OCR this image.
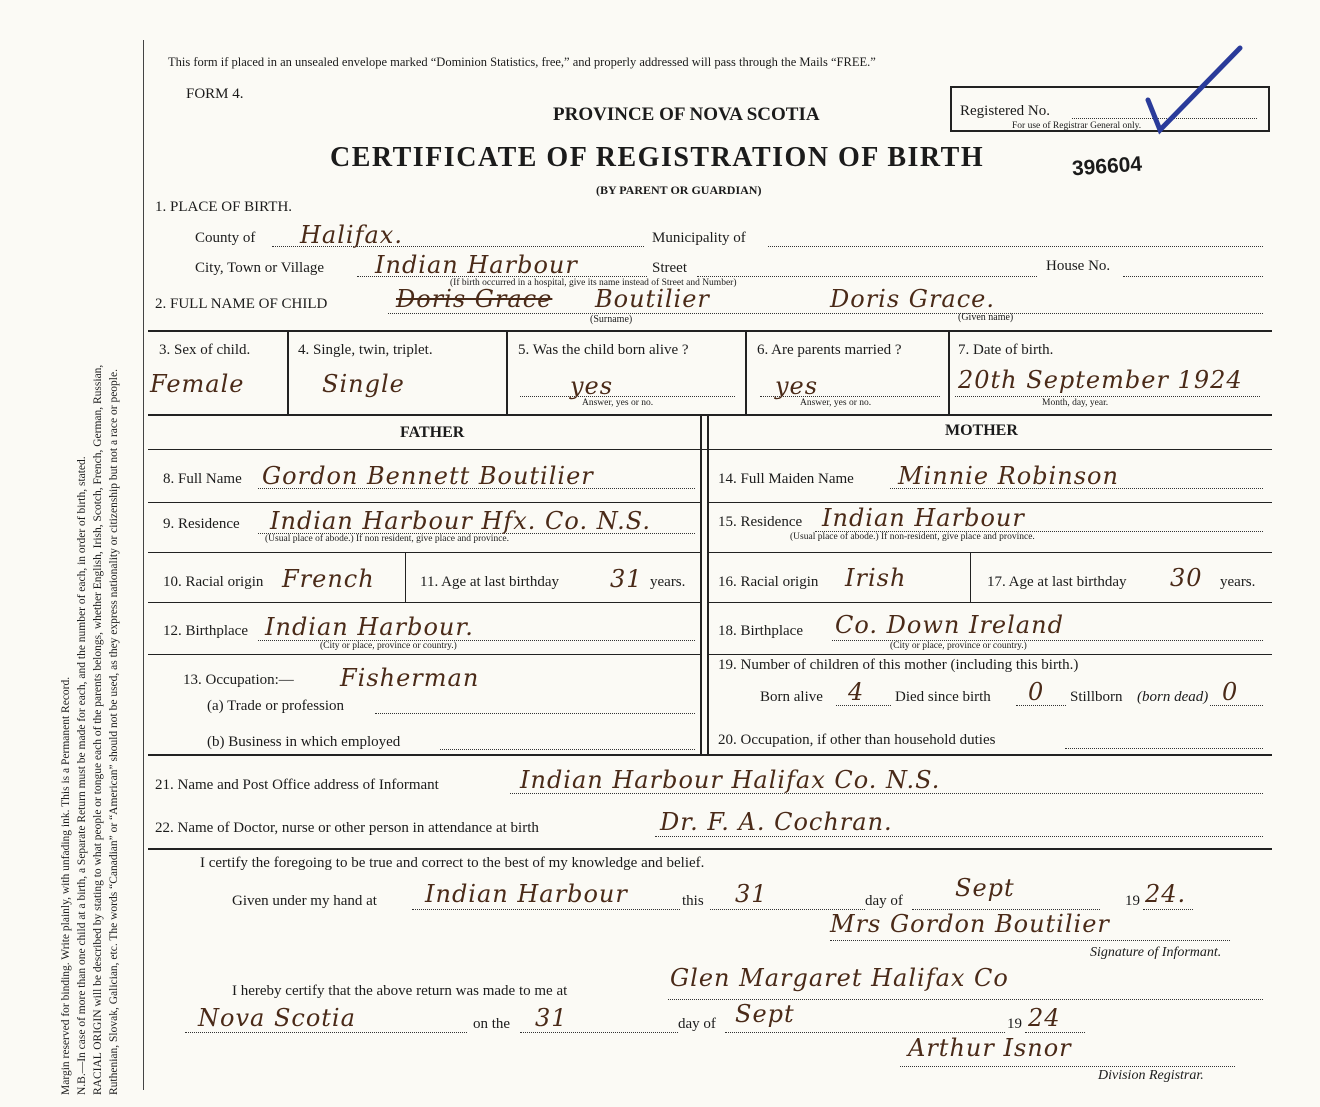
Margin reserved for binding. Write plainly, with unfading ink. This is a Permanent Record. N.B.—In case of more than one child at a birth, a Separate Return must be made for each, and the number of each, in order of birth, stated. RACIAL ORIGIN will be described by stating to what people or tongue each of the parents belongs, whether English, Irish, Scotch, French, German, Russian, Ruthenian, Slovak, Galician, etc. The words “Canadian” or “American” should not be used, as they express nationality or citizenship but not a race or people.
This form if placed in an unsealed envelope marked “Dominion Statistics, free,” and properly addressed will pass through the Mails “FREE.”
FORM 4.
PROVINCE OF NOVA SCOTIA
CERTIFICATE OF REGISTRATION OF BIRTH
(BY PARENT OR GUARDIAN)
Registered No.
For use of Registrar General only.
396604
1. PLACE OF BIRTH.
County of Halifax.	Municipality of
City, Town or Village Indian Harbour	Street	House No.
(If birth occurred in a hospital, give its name instead of Street and Number)
2. FULL NAME OF CHILD	Doris Grace Boutilier	Doris Grace.
(Surname)	(Given name)
3. Sex of child.
Female
4. Single, twin, triplet.
Single
5. Was the child born alive ?
yes
Answer, yes or no.
6. Are parents married ?
yes
Answer, yes or no.
7. Date of birth.
20th September 1924
Month, day, year.
FATHER	MOTHER
8. Full Name Gordon Bennett Boutilier
9. Residence Indian Harbour Hfx. Co. N.S.
(Usual place of abode.) If non resident, give place and province.
10. Racial origin French	11. Age at last birthday 31 years.
12. Birthplace Indian Harbour.
(City or place, province or country.)
13. Occupation:— Fisherman
(a) Trade or profession
(b) Business in which employed
14. Full Maiden Name Minnie Robinson
15. Residence Indian Harbour
(Usual place of abode.) If non-resident, give place and province.
16. Racial origin Irish	17. Age at last birthday 30 years.
18. Birthplace Co. Down Ireland
(City or place, province or country.)
19. Number of children of this mother (including this birth.)
Born alive 4 Died since birth 0 Stillborn (born dead) 0
20. Occupation, if other than household duties
21. Name and Post Office address of Informant	Indian Harbour Halifax Co. N.S.
22. Name of Doctor, nurse or other person in attendance at birth	Dr. F. A. Cochran.
I certify the foregoing to be true and correct to the best of my knowledge and belief.
Given under my hand at Indian Harbour	this 31	day of Sept	19 24.
Mrs Gordon Boutilier
Signature of Informant.
I hereby certify that the above return was made to me at	Glen Margaret Halifax Co
Nova Scotia	on the 31	day of Sept	19 24
Arthur Isnor
Division Registrar.
